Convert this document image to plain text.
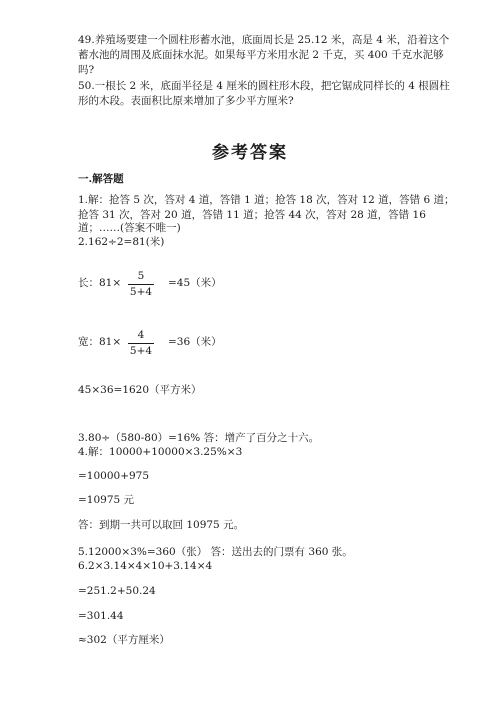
49.养殖场要建一个圆柱形蓄水池，底面周长是 25.12 米，高是 4 米，沿着这个
蓄水池的周围及底面抹水泥。如果每平方米用水泥 2 千克，买 400 千克水泥够
吗?
50.一根长 2 米，底面半径是 4 厘米的圆柱形木段，把它锯成同样长的 4 根圆柱
形的木段。表面积比原来增加了多少平方厘米?
参考答案
一.解答题
1.解：抢答 5 次，答对 4 道，答错 1 道；抢答 18 次，答对 12 道，答错 6 道；
抢答 31 次，答对 20 道，答错 11 道；抢答 44 次，答对 28 道，答错 16
道；……(答案不唯一)
2.162÷2=81(米)
长：81×
5
5+4
=45（米）
宽：81×
4
5+4
=36（米）
45×36=1620（平方米）
3.80÷（580-80）=16% 答：增产了百分之十六。
4.解：10000+10000×3.25%×3
=10000+975
=10975 元
答：到期一共可以取回 10975 元。
5.12000×3%=360（张） 答：送出去的门票有 360 张。
6.2×3.14×4×10+3.14×4
=251.2+50.24
=301.44
≈302（平方厘米）
